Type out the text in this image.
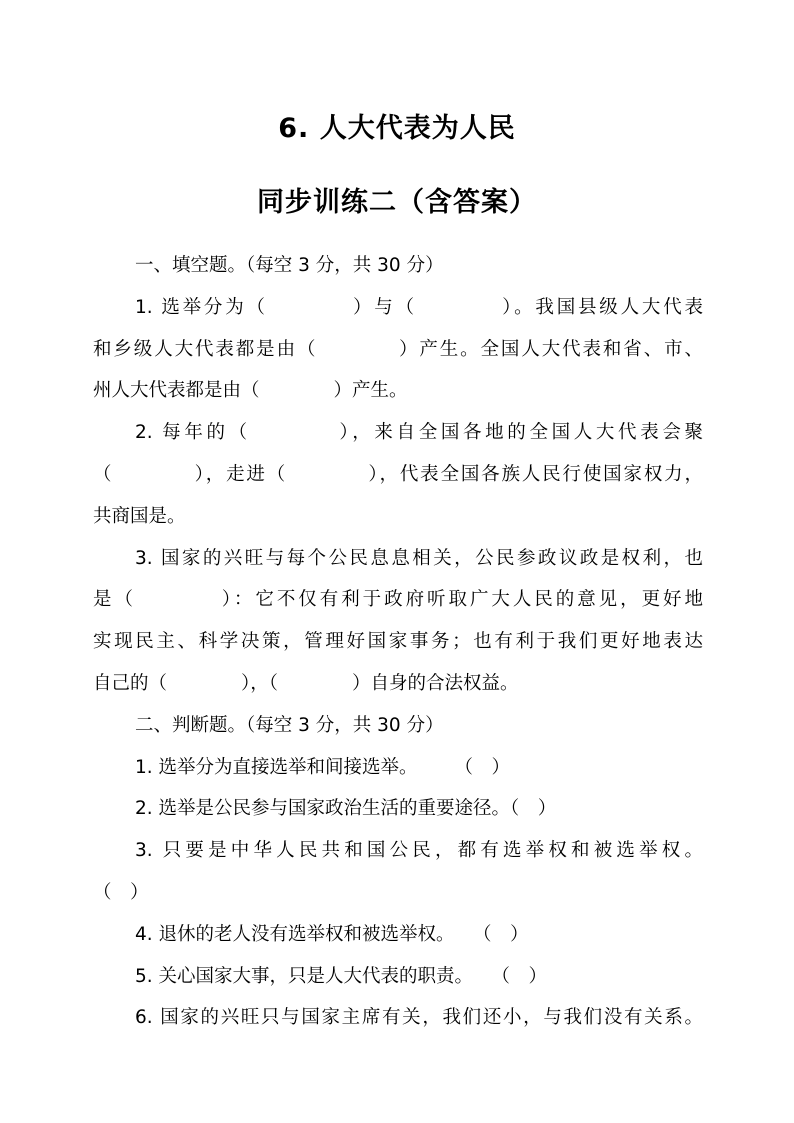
6. 人大代表为人民
同步训练二（含答案）
一、填空题。（每空 3 分，共 30 分）
1. 选举分为（　　　　）与（　　　　）。我国县级人大代表
和乡级人大代表都是由（　　　　）产生。全国人大代表和省、市、
州人大代表都是由（　　　　）产生。
2. 每年的（　　　　），来自全国各地的全国人大代表会聚
（　　　　），走进（　　　　），代表全国各族人民行使国家权力，
共商国是。
3. 国家的兴旺与每个公民息息相关，公民参政议政是权利，也
是（　　　　）：它不仅有利于政府听取广大人民的意见，更好地
实现民主、科学决策，管理好国家事务；也有利于我们更好地表达
自己的（　　　　），（　　　　）自身的合法权益。
二、判断题。（每空 3 分，共 30 分）
1. 选举分为直接选举和间接选举。　　　（　）
2. 选举是公民参与国家政治生活的重要途径。（　）
3. 只要是中华人民共和国公民，都有选举权和被选举权。
（　）
4. 退休的老人没有选举权和被选举权。　　（　）
5. 关心国家大事，只是人大代表的职责。　　（　）
6. 国家的兴旺只与国家主席有关，我们还小，与我们没有关系。
